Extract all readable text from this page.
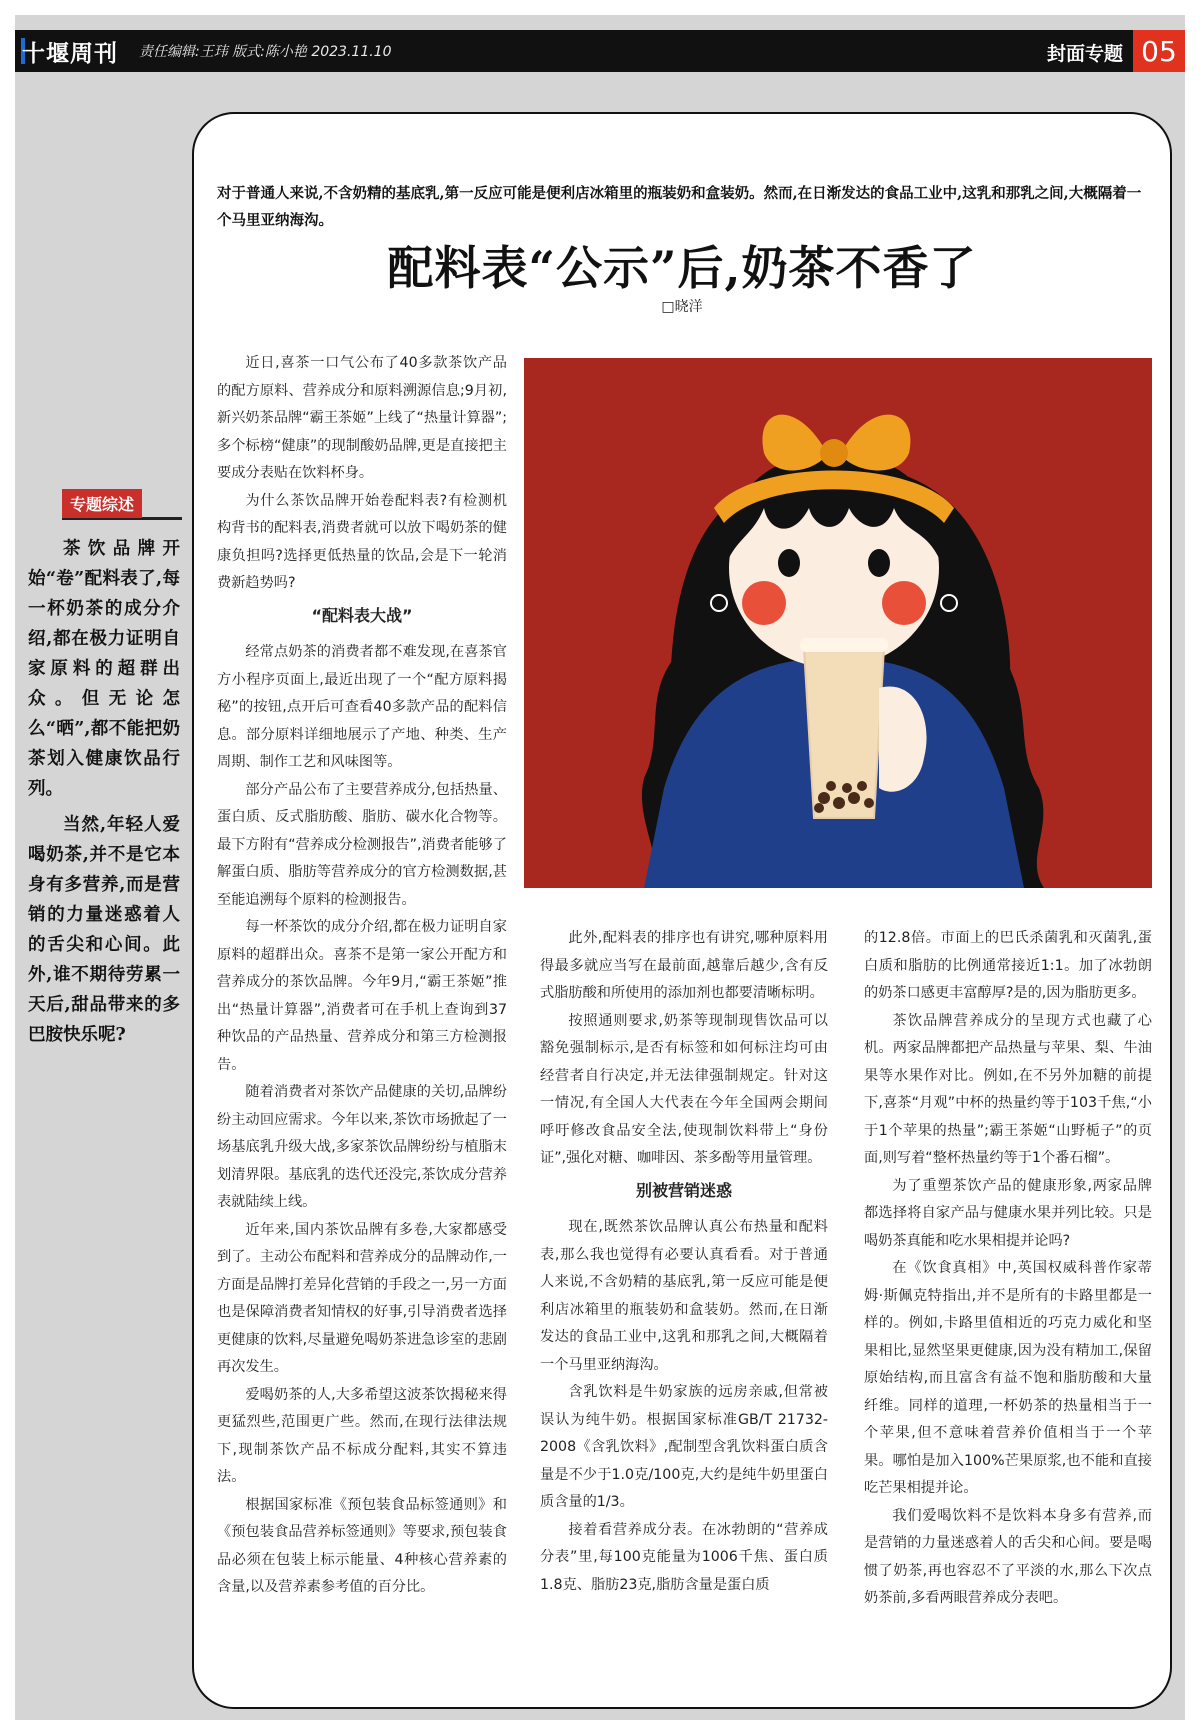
十堰周刊	责任编辑:王玮 版式:陈小艳 2023.11.10	封面专题 05
专题综述

茶饮品牌开始“卷”配料表了,每一杯奶茶的成分介绍,都在极力证明自家原料的超群出众。但无论怎么“晒”,都不能把奶茶划入健康饮品行列。

当然,年轻人爱喝奶茶,并不是它本身有多营养,而是营销的力量迷惑着人的舌尖和心间。此外,谁不期待劳累一天后,甜品带来的多巴胺快乐呢?

对于普通人来说,不含奶精的基底乳,第一反应可能是便利店冰箱里的瓶装奶和盒装奶。然而,在日渐发达的食品工业中,这乳和那乳之间,大概隔着一个马里亚纳海沟。
配料表“公示”后,奶茶不香了
□晓洋

近日,喜茶一口气公布了40多款茶饮产品的配方原料、营养成分和原料溯源信息;9月初,新兴奶茶品牌“霸王茶姬”上线了“热量计算器”;多个标榜“健康”的现制酸奶品牌,更是直接把主要成分表贴在饮料杯身。

为什么茶饮品牌开始卷配料表?有检测机构背书的配料表,消费者就可以放下喝奶茶的健康负担吗?选择更低热量的饮品,会是下一轮消费新趋势吗?

“配料表大战”

经常点奶茶的消费者都不难发现,在喜茶官方小程序页面上,最近出现了一个“配方原料揭秘”的按钮,点开后可查看40多款产品的配料信息。部分原料详细地展示了产地、种类、生产周期、制作工艺和风味图等。

部分产品公布了主要营养成分,包括热量、蛋白质、反式脂肪酸、脂肪、碳水化合物等。最下方附有“营养成分检测报告”,消费者能够了解蛋白质、脂肪等营养成分的官方检测数据,甚至能追溯每个原料的检测报告。

每一杯茶饮的成分介绍,都在极力证明自家原料的超群出众。喜茶不是第一家公开配方和营养成分的茶饮品牌。今年9月,“霸王茶姬”推出“热量计算器”,消费者可在手机上查询到37种饮品的产品热量、营养成分和第三方检测报告。

随着消费者对茶饮产品健康的关切,品牌纷纷主动回应需求。今年以来,茶饮市场掀起了一场基底乳升级大战,多家茶饮品牌纷纷与植脂末划清界限。基底乳的迭代还没完,茶饮成分营养表就陆续上线。

近年来,国内茶饮品牌有多卷,大家都感受到了。主动公布配料和营养成分的品牌动作,一方面是品牌打差异化营销的手段之一,另一方面也是保障消费者知情权的好事,引导消费者选择更健康的饮料,尽量避免喝奶茶进急诊室的悲剧再次发生。

爱喝奶茶的人,大多希望这波茶饮揭秘来得更猛烈些,范围更广些。然而,在现行法律法规下,现制茶饮产品不标成分配料,其实不算违法。

根据国家标准《预包装食品标签通则》和《预包装食品营养标签通则》等要求,预包装食品必须在包装上标示能量、4种核心营养素的含量,以及营养素参考值的百分比。

此外,配料表的排序也有讲究,哪种原料用得最多就应当写在最前面,越靠后越少,含有反式脂肪酸和所使用的添加剂也都要清晰标明。

按照通则要求,奶茶等现制现售饮品可以豁免强制标示,是否有标签和如何标注均可由经营者自行决定,并无法律强制规定。针对这一情况,有全国人大代表在今年全国两会期间呼吁修改食品安全法,使现制饮料带上“身份证”,强化对糖、咖啡因、茶多酚等用量管理。

别被营销迷惑

现在,既然茶饮品牌认真公布热量和配料表,那么我也觉得有必要认真看看。对于普通人来说,不含奶精的基底乳,第一反应可能是便利店冰箱里的瓶装奶和盒装奶。然而,在日渐发达的食品工业中,这乳和那乳之间,大概隔着一个马里亚纳海沟。

含乳饮料是牛奶家族的远房亲戚,但常被误认为纯牛奶。根据国家标准GB/T 21732-2008《含乳饮料》,配制型含乳饮料蛋白质含量是不少于1.0克/100克,大约是纯牛奶里蛋白质含量的1/3。

接着看营养成分表。在冰勃朗的“营养成分表”里,每100克能量为1006千焦、蛋白质1.8克、脂肪23克,脂肪含量是蛋白质

的12.8倍。市面上的巴氏杀菌乳和灭菌乳,蛋白质和脂肪的比例通常接近1:1。加了冰勃朗的奶茶口感更丰富醇厚?是的,因为脂肪更多。

茶饮品牌营养成分的呈现方式也藏了心机。两家品牌都把产品热量与苹果、梨、牛油果等水果作对比。例如,在不另外加糖的前提下,喜茶“月观”中杯的热量约等于103千焦,“小于1个苹果的热量”;霸王茶姬“山野栀子”的页面,则写着“整杯热量约等于1个番石榴”。

为了重塑茶饮产品的健康形象,两家品牌都选择将自家产品与健康水果并列比较。只是喝奶茶真能和吃水果相提并论吗?

在《饮食真相》中,英国权威科普作家蒂姆·斯佩克特指出,并不是所有的卡路里都是一样的。例如,卡路里值相近的巧克力威化和坚果相比,显然坚果更健康,因为没有精加工,保留原始结构,而且富含有益不饱和脂肪酸和大量纤维。同样的道理,一杯奶茶的热量相当于一个苹果,但不意味着营养价值相当于一个苹果。哪怕是加入100%芒果原浆,也不能和直接吃芒果相提并论。

我们爱喝饮料不是饮料本身多有营养,而是营销的力量迷惑着人的舌尖和心间。要是喝惯了奶茶,再也容忍不了平淡的水,那么下次点奶茶前,多看两眼营养成分表吧。
